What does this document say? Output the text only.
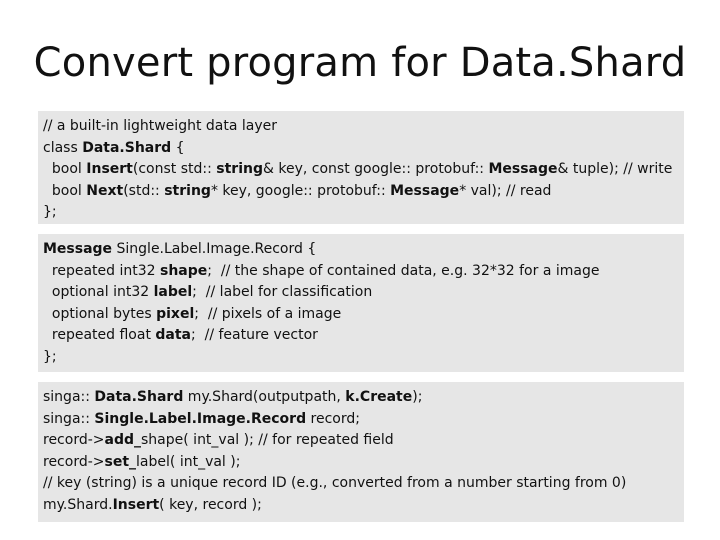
Convert program for Data.Shard
// a built-in lightweight data layer
class Data.Shard {
bool Insert(const std:: string& key, const google:: protobuf:: Message& tuple); // write
bool Next(std:: string* key, google:: protobuf:: Message* val); // read
};
Message Single.Label.Image.Record {
repeated int32 shape;  // the shape of contained data, e.g. 32*32 for a image
optional int32 label;  // label for classification
optional bytes pixel;  // pixels of a image
repeated float data;  // feature vector
};
singa:: Data.Shard my.Shard(outputpath, k.Create);
singa:: Single.Label.Image.Record record;
record->add_shape( int_val ); // for repeated field
record->set_label( int_val );
// key (string) is a unique record ID (e.g., converted from a number starting from 0)
my.Shard.Insert( key, record );
